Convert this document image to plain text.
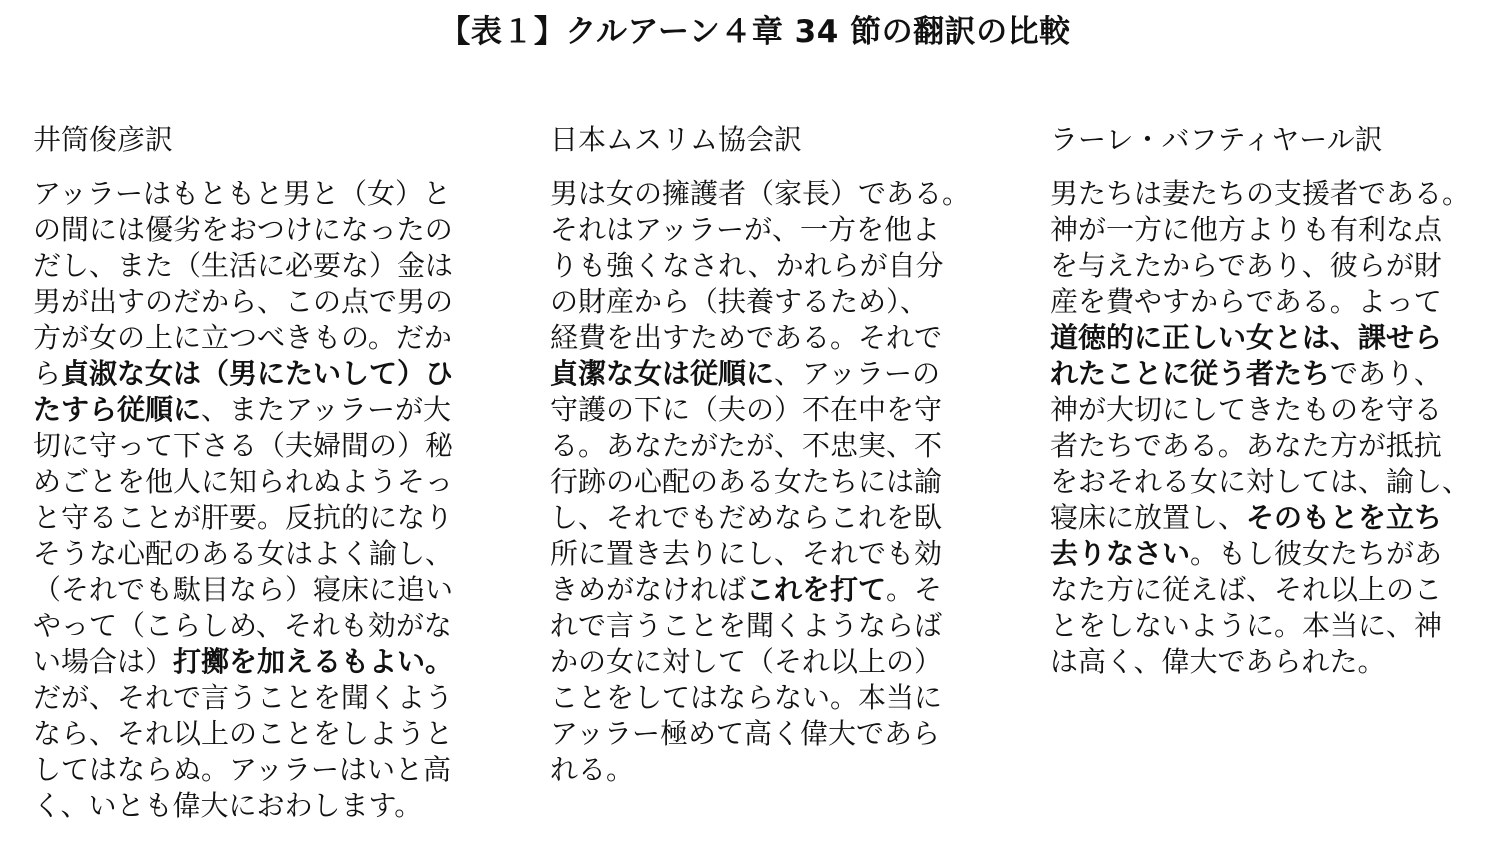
【表１】クルアーン４章 34 節の翻訳の比較
井筒俊彦訳
アッラーはもともと男と（女）と
の間には優劣をおつけになったの
だし、また（生活に必要な）金は
男が出すのだから、この点で男の
方が女の上に立つべきもの。だか
ら貞淑な女は（男にたいして）ひ
たすら従順に、またアッラーが大
切に守って下さる（夫婦間の）秘
めごとを他人に知られぬようそっ
と守ることが肝要。反抗的になり
そうな心配のある女はよく諭し、
（それでも駄目なら）寝床に追い
やって（こらしめ、それも効がな
い場合は）打擲を加えるもよい。
だが、それで言うことを聞くよう
なら、それ以上のことをしようと
してはならぬ。アッラーはいと高
く、いとも偉大におわします。
日本ムスリム協会訳
男は女の擁護者（家長）である。
それはアッラーが、一方を他よ
りも強くなされ、かれらが自分
の財産から（扶養するため）、
経費を出すためである。それで
貞潔な女は従順に、アッラーの
守護の下に（夫の）不在中を守
る。あなたがたが、不忠実、不
行跡の心配のある女たちには諭
し、それでもだめならこれを臥
所に置き去りにし、それでも効
きめがなければこれを打て。そ
れで言うことを聞くようならば
かの女に対して（それ以上の）
ことをしてはならない。本当に
アッラー極めて高く偉大であら
れる。
ラーレ・バフティヤール訳
男たちは妻たちの支援者である。
神が一方に他方よりも有利な点
を与えたからであり、彼らが財
産を費やすからである。よって
道徳的に正しい女とは、課せら
れたことに従う者たちであり、
神が大切にしてきたものを守る
者たちである。あなた方が抵抗
をおそれる女に対しては、諭し、
寝床に放置し、そのもとを立ち
去りなさい。もし彼女たちがあ
なた方に従えば、それ以上のこ
とをしないように。本当に、神
は高く、偉大であられた。
